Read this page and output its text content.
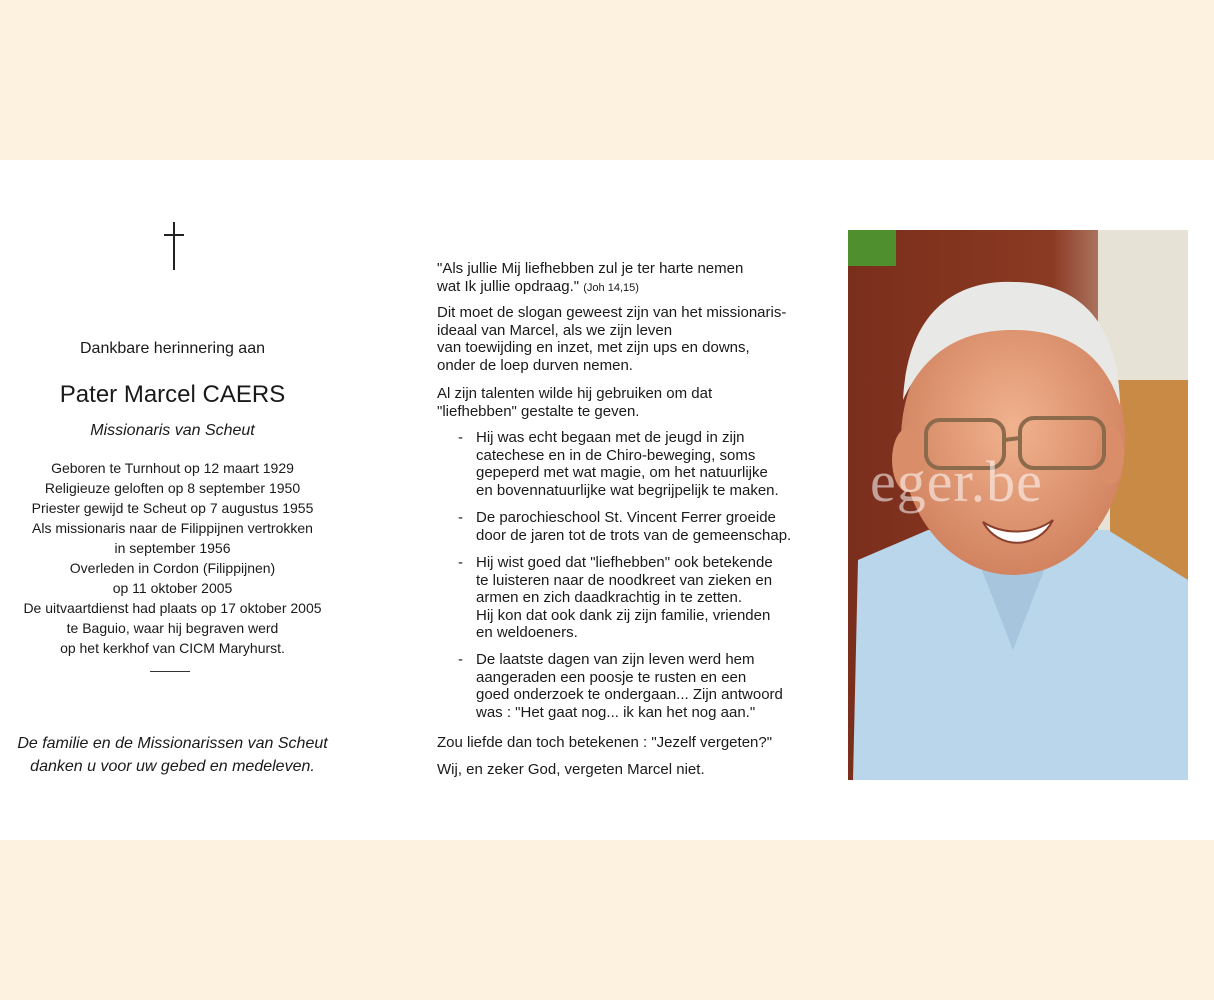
Dankbare herinnering aan
Pater Marcel CAERS
Missionaris van Scheut
Geboren te Turnhout op 12 maart 1929
Religieuze geloften op 8 september 1950
Priester gewijd te Scheut op 7 augustus 1955
Als missionaris naar de Filippijnen vertrokken
in september 1956
Overleden in Cordon (Filippijnen)
op 11 oktober 2005
De uitvaartdienst had plaats op 17 oktober 2005
te Baguio, waar hij begraven werd
op het kerkhof van CICM Maryhurst.
De familie en de Missionarissen van Scheut
danken u voor uw gebed en medeleven.

"Als jullie Mij liefhebben zul je ter harte nemen

wat Ik jullie opdraag." (Joh 14,15)

Dit moet de slogan geweest zijn van het missionaris-

ideaal van Marcel, als we zijn leven

van toewijding en inzet, met zijn ups en downs,

onder de loep durven nemen.

Al zijn talenten wilde hij gebruiken om dat

"liefhebben" gestalte te geven.

- Hij was echt begaan met de jeugd in zijn
catechese en in de Chiro-beweging, soms
gepeperd met wat magie, om het natuurlijke
en bovennatuurlijke wat begrijpelijk te maken.
- De parochieschool St. Vincent Ferrer groeide
door de jaren tot de trots van de gemeenschap.
- Hij wist goed dat "liefhebben" ook betekende
te luisteren naar de noodkreet van zieken en
armen en zich daadkrachtig in te zetten.
Hij kon dat ook dank zij zijn familie, vrienden
en weldoeners.
- De laatste dagen van zijn leven werd hem
aangeraden een poosje te rusten en een
goed onderzoek te ondergaan... Zijn antwoord
was : "Het gaat nog... ik kan het nog aan."
Zou liefde dan toch betekenen : "Jezelf vergeten?"
Wij, en zeker God, vergeten Marcel niet.
eger.be
